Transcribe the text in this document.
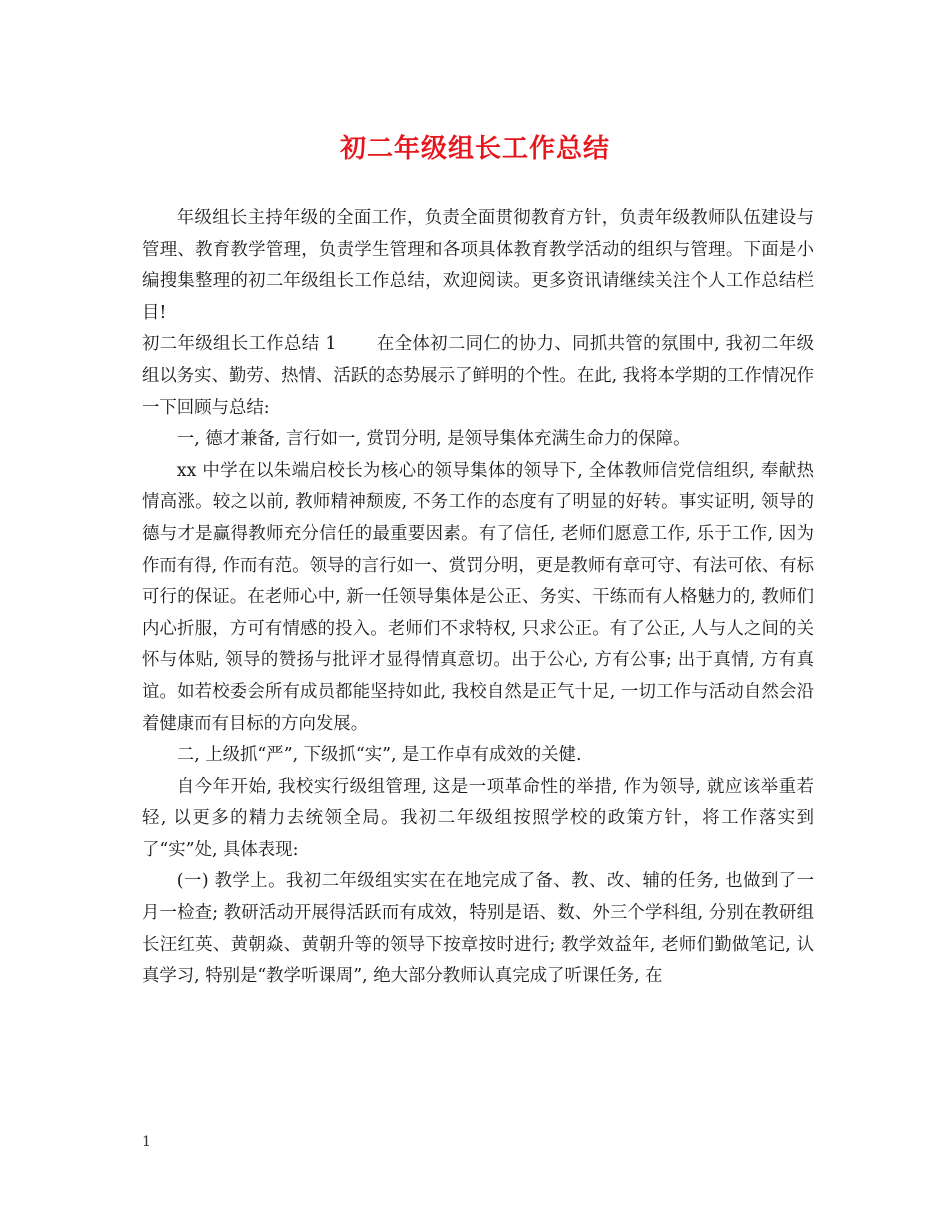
初二年级组长工作总结

年级组长主持年级的全面工作，负责全面贯彻教育方针，负责年级教师队伍建设与管理、教育教学管理，负责学生管理和各项具体教育教学活动的组织与管理。下面是小编搜集整理的初二年级组长工作总结，欢迎阅读。更多资讯请继续关注个人工作总结栏目!

初二年级组长工作总结 1 在全体初二同仁的协力、同抓共管的氛围中, 我初二年级组以务实、勤劳、热情、活跃的态势展示了鲜明的个性。在此, 我将本学期的工作情况作一下回顾与总结:

一, 德才兼备, 言行如一, 赏罚分明, 是领导集体充满生命力的保障。

xx 中学在以朱端启校长为核心的领导集体的领导下, 全体教师信党信组织, 奉献热情高涨。较之以前, 教师精神颓废, 不务工作的态度有了明显的好转。事实证明, 领导的德与才是赢得教师充分信任的最重要因素。有了信任, 老师们愿意工作, 乐于工作, 因为作而有得, 作而有范。领导的言行如一、赏罚分明，更是教师有章可守、有法可依、有标可行的保证。在老师心中, 新一任领导集体是公正、务实、干练而有人格魅力的, 教师们内心折服，方可有情感的投入。老师们不求特权, 只求公正。有了公正, 人与人之间的关怀与体贴, 领导的赞扬与批评才显得情真意切。出于公心, 方有公事; 出于真情, 方有真谊。如若校委会所有成员都能坚持如此, 我校自然是正气十足, 一切工作与活动自然会沿着健康而有目标的方向发展。

二, 上级抓“严”, 下级抓“实”, 是工作卓有成效的关健.

自今年开始, 我校实行级组管理, 这是一项革命性的举措, 作为领导, 就应该举重若轻, 以更多的精力去统领全局。我初二年级组按照学校的政策方针，将工作落实到了“实”处, 具体表现:

(一) 教学上。我初二年级组实实在在地完成了备、教、改、辅的任务, 也做到了一月一检查; 教研活动开展得活跃而有成效，特别是语、数、外三个学科组, 分别在教研组长汪红英、黄朝焱、黄朝升等的领导下按章按时进行; 教学效益年, 老师们勤做笔记, 认真学习, 特别是“教学听课周”, 绝大部分教师认真完成了听课任务, 在

1
